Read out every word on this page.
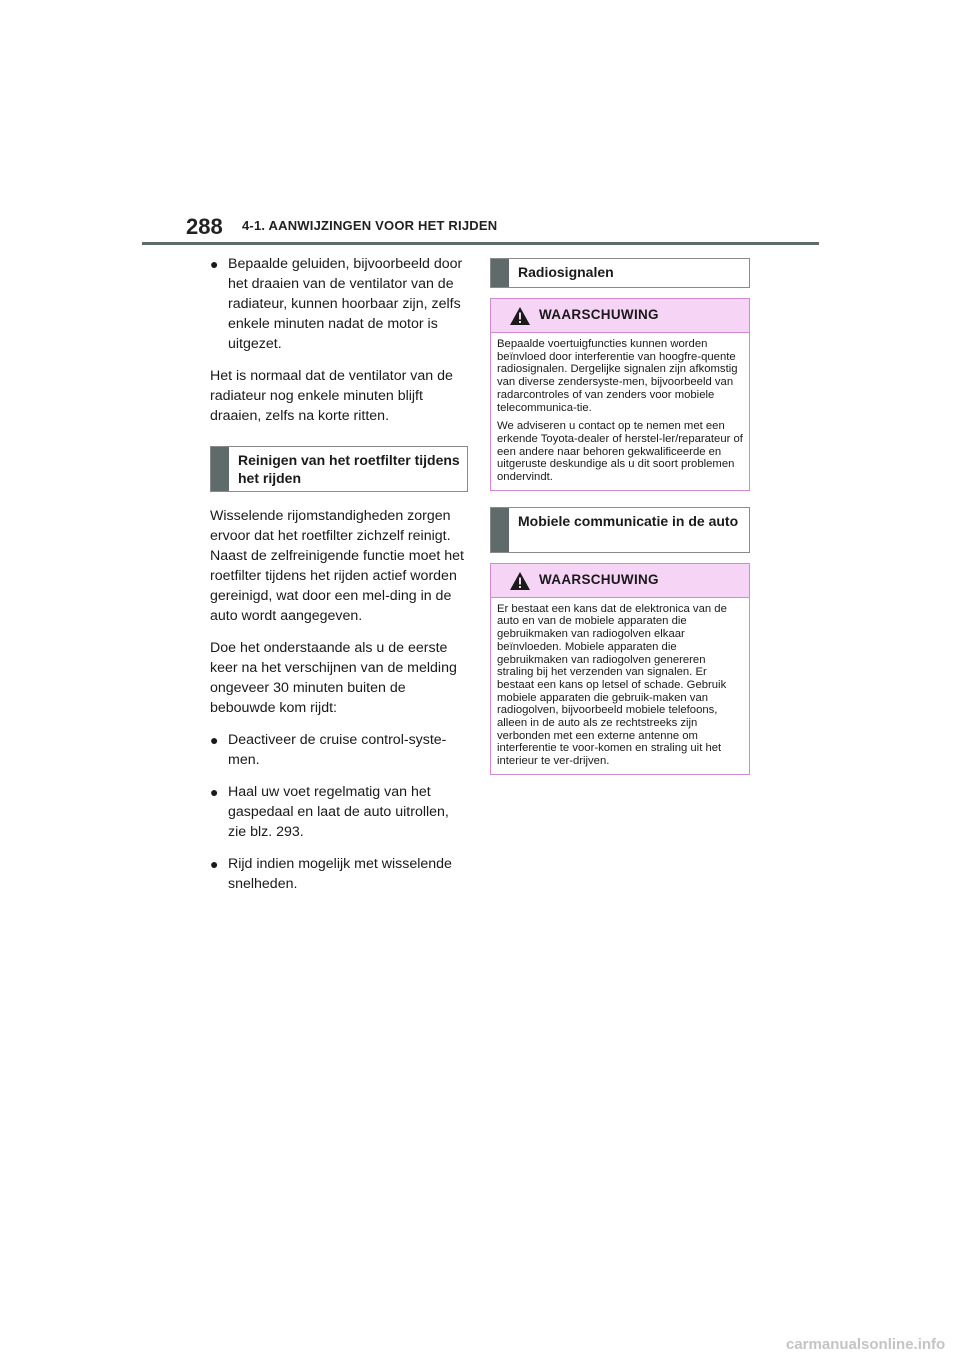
288 4-1. AANWIJZINGEN VOOR HET RIJDEN
● Bepaalde geluiden, bijvoorbeeld door het draaien van de ventilator van de radiateur, kunnen hoorbaar zijn, zelfs enkele minuten nadat de motor is uitgezet.

Het is normaal dat de ventilator van de radiateur nog enkele minuten blijft draaien, zelfs na korte ritten.

Reinigen van het roetfilter tijdens het rijden

Wisselende rijomstandigheden zorgen ervoor dat het roetfilter zichzelf reinigt. Naast de zelfreinigende functie moet het roetfilter tijdens het rijden actief worden gereinigd, wat door een mel-ding in de auto wordt aangegeven.

Doe het onderstaande als u de eerste keer na het verschijnen van de melding ongeveer 30 minuten buiten de bebouwde kom rijdt:

● Deactiveer de cruise control-syste-men.
● Haal uw voet regelmatig van het gaspedaal en laat de auto uitrollen, zie blz. 293.
● Rijd indien mogelijk met wisselende snelheden.
Radiosignalen
WAARSCHUWING

Bepaalde voertuigfuncties kunnen worden beïnvloed door interferentie van hoogfre-quente radiosignalen. Dergelijke signalen zijn afkomstig van diverse zendersyste-men, bijvoorbeeld van radarcontroles of van zenders voor mobiele telecommunica-tie.

We adviseren u contact op te nemen met een erkende Toyota-dealer of herstel-ler/reparateur of een andere naar behoren gekwalificeerde en uitgeruste deskundige als u dit soort problemen ondervindt.

Mobiele communicatie in de auto
WAARSCHUWING

Er bestaat een kans dat de elektronica van de auto en van de mobiele apparaten die gebruikmaken van radiogolven elkaar beïnvloeden. Mobiele apparaten die gebruikmaken van radiogolven genereren straling bij het verzenden van signalen. Er bestaat een kans op letsel of schade. Gebruik mobiele apparaten die gebruik-maken van radiogolven, bijvoorbeeld mobiele telefoons, alleen in de auto als ze rechtstreeks zijn verbonden met een externe antenne om interferentie te voor-komen en straling uit het interieur te ver-drijven.

carmanualsonline.info
